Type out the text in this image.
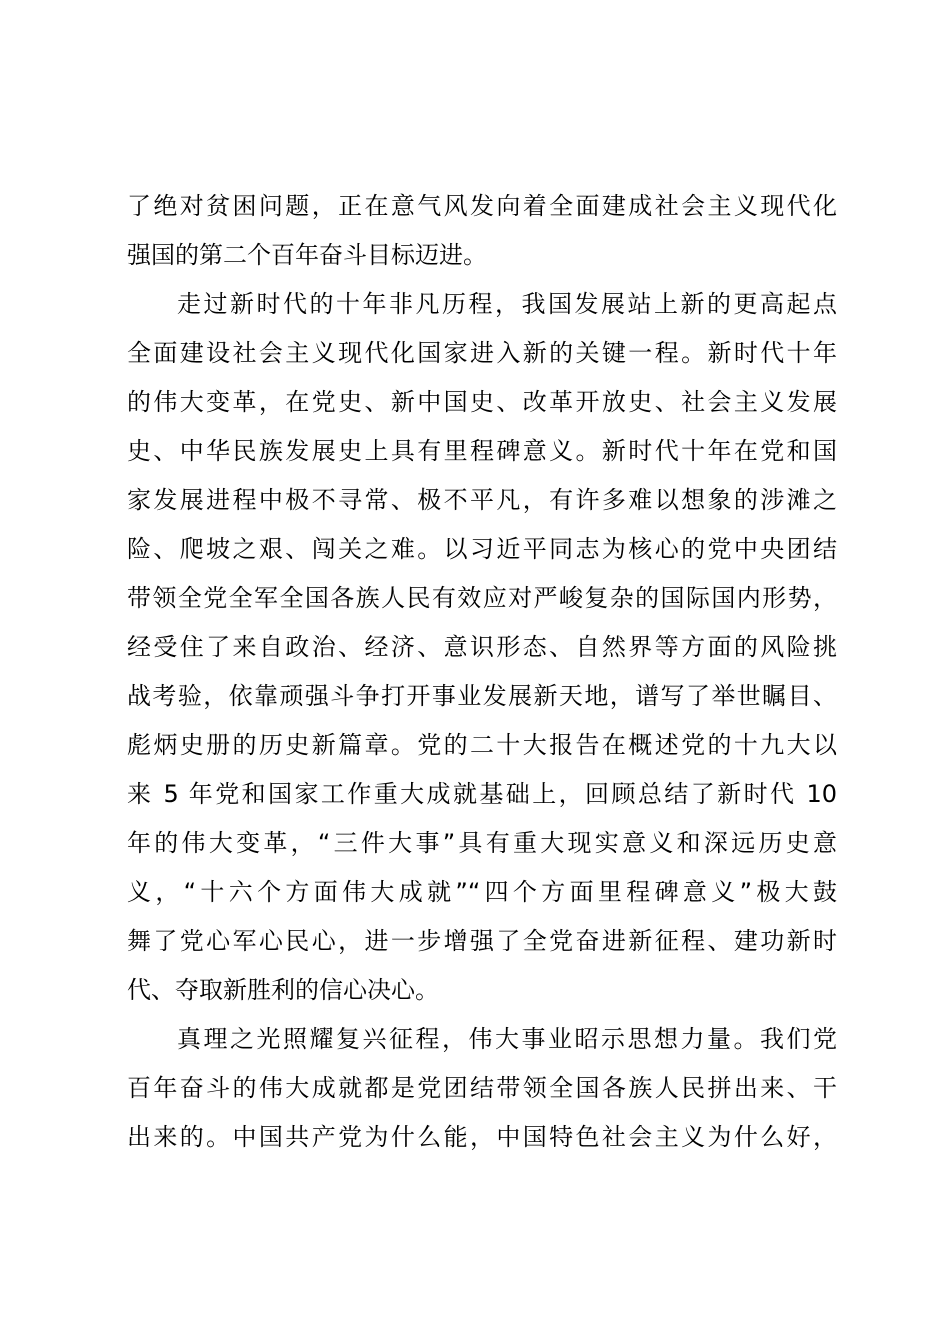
了绝对贫困问题，正在意气风发向着全面建成社会主义现代化
强国的第二个百年奋斗目标迈进。
走过新时代的十年非凡历程，我国发展站上新的更高起点
全面建设社会主义现代化国家进入新的关键一程。新时代十年
的伟大变革，在党史、新中国史、改革开放史、社会主义发展
史、中华民族发展史上具有里程碑意义。新时代十年在党和国
家发展进程中极不寻常、极不平凡，有许多难以想象的涉滩之
险、爬坡之艰、闯关之难。以习近平同志为核心的党中央团结
带领全党全军全国各族人民有效应对严峻复杂的国际国内形势，
经受住了来自政治、经济、意识形态、自然界等方面的风险挑
战考验，依靠顽强斗争打开事业发展新天地，谱写了举世瞩目、
彪炳史册的历史新篇章。党的二十大报告在概述党的十九大以
来 5 年党和国家工作重大成就基础上，回顾总结了新时代 10
年的伟大变革，“三件大事”具有重大现实意义和深远历史意
义，“十六个方面伟大成就”“四个方面里程碑意义”极大鼓
舞了党心军心民心，进一步增强了全党奋进新征程、建功新时
代、夺取新胜利的信心决心。
真理之光照耀复兴征程，伟大事业昭示思想力量。我们党
百年奋斗的伟大成就都是党团结带领全国各族人民拼出来、干
出来的。中国共产党为什么能，中国特色社会主义为什么好，
